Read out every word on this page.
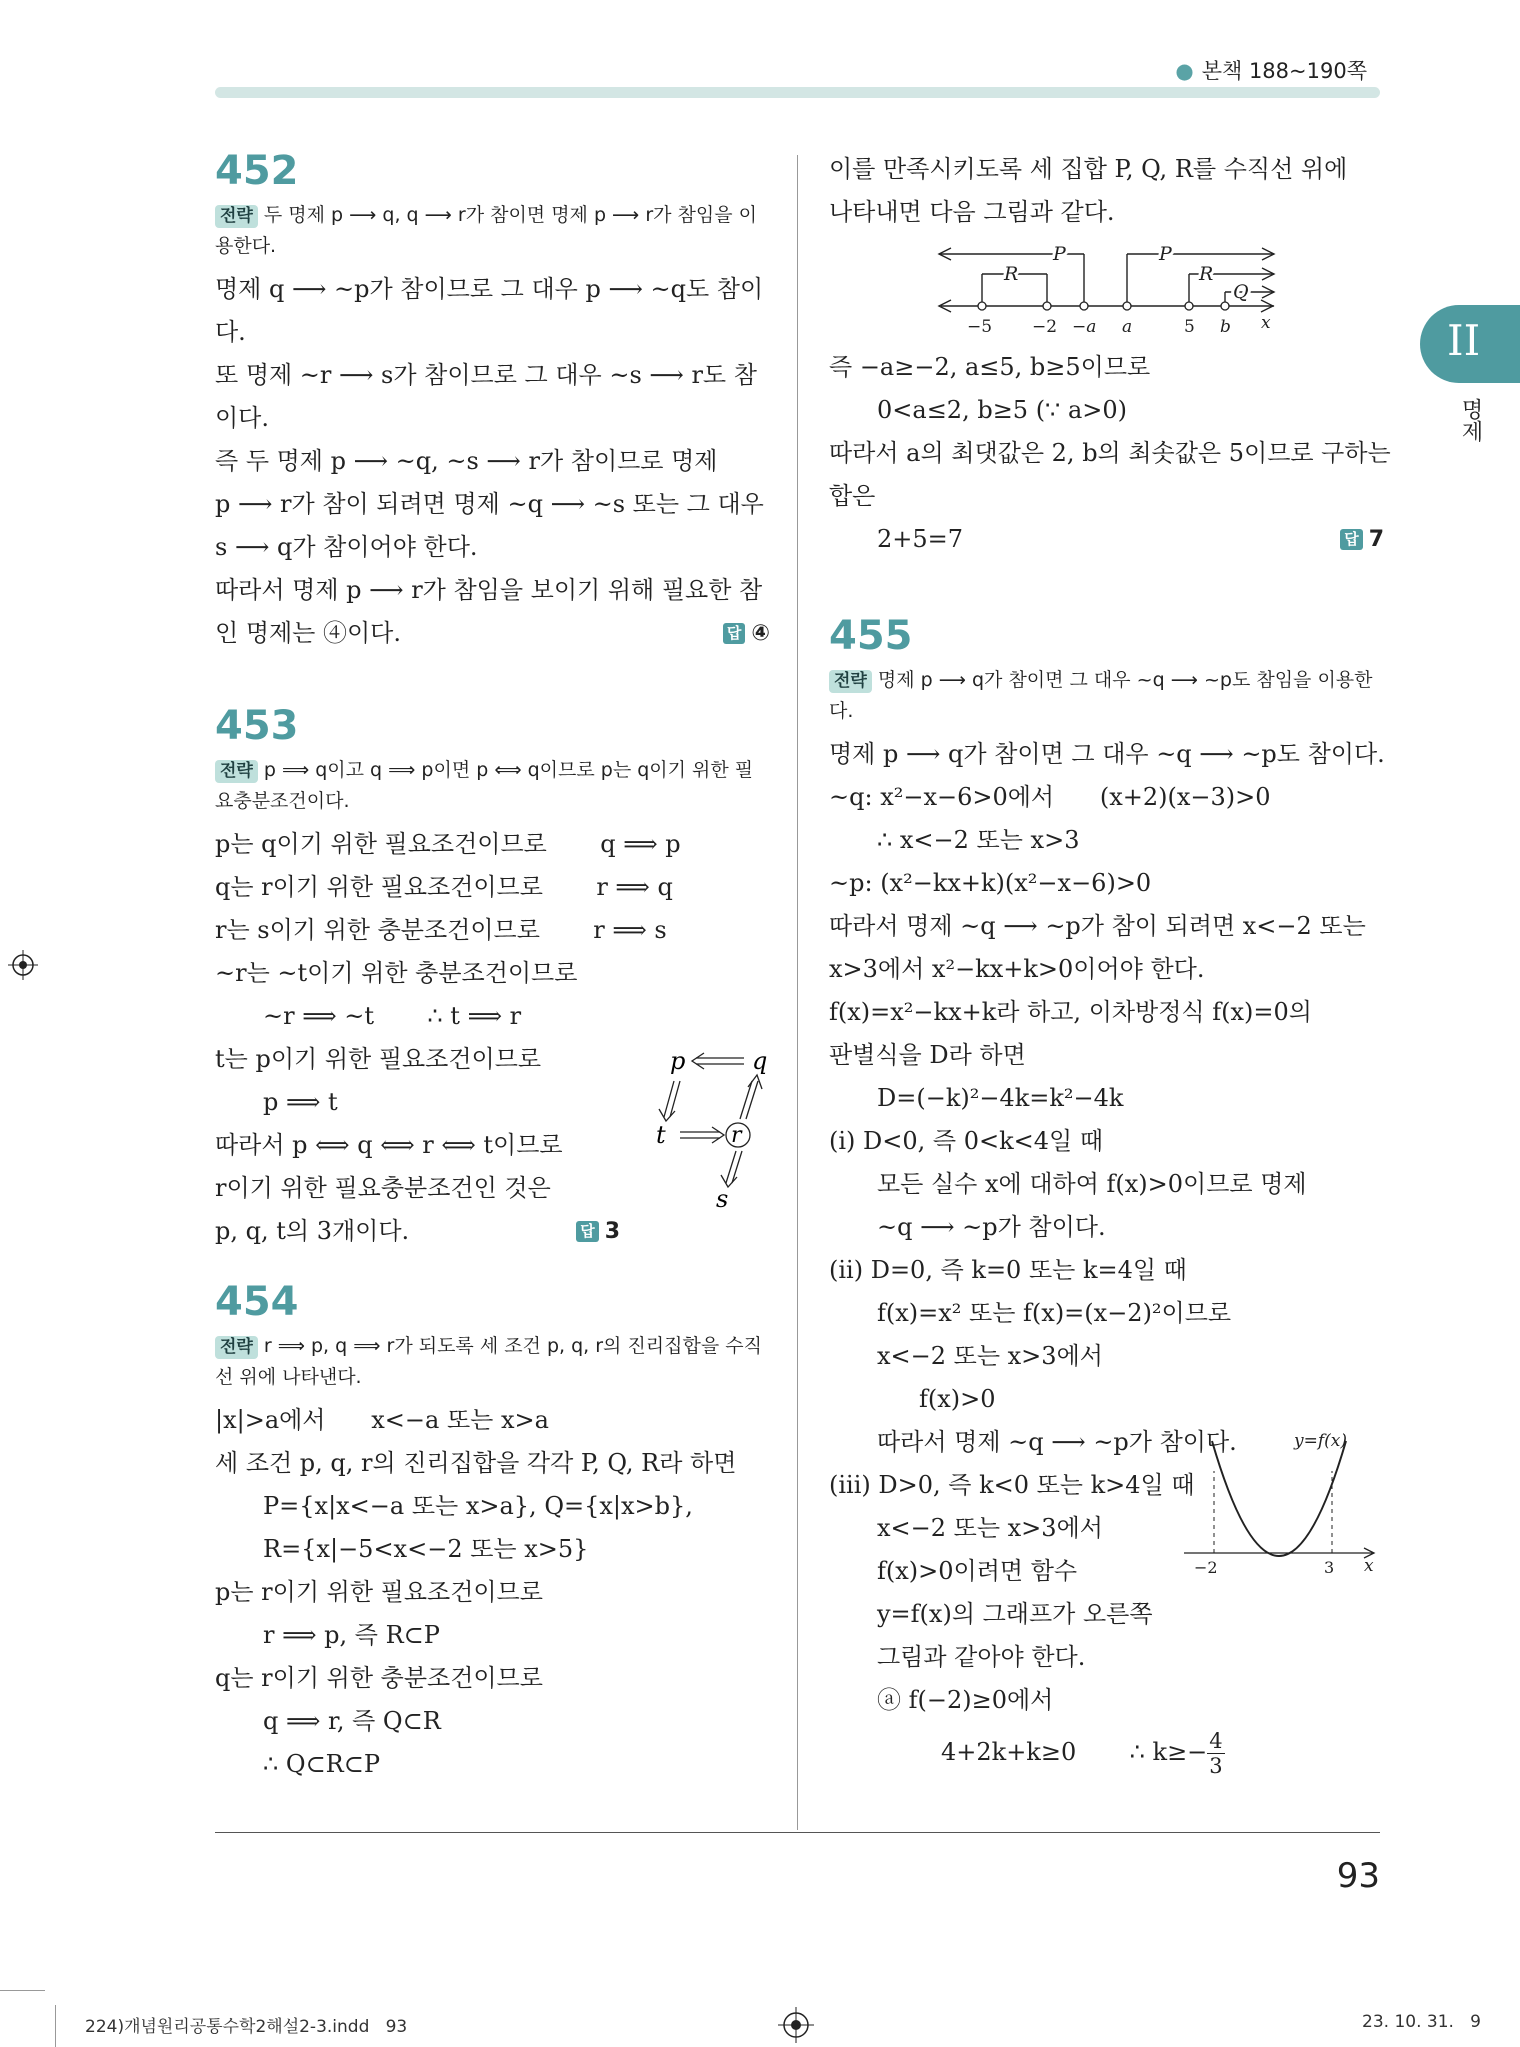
● 본책 188~190쪽
452
전략 두 명제 p ⟶ q, q ⟶ r가 참이면 명제 p ⟶ r가 참임을 이용한다.
명제 q ⟶ ~p가 참이므로 그 대우 p ⟶ ~q도 참이
다.
또 명제 ~r ⟶ s가 참이므로 그 대우 ~s ⟶ r도 참
이다.
즉 두 명제 p ⟶ ~q, ~s ⟶ r가 참이므로 명제
p ⟶ r가 참이 되려면 명제 ~q ⟶ ~s 또는 그 대우
s ⟶ q가 참이어야 한다.
따라서 명제 p ⟶ r가 참임을 보이기 위해 필요한 참
인 명제는 ④이다.	답 ④
453
전략 p ⟹ q이고 q ⟹ p이면 p ⟺ q이므로 p는 q이기 위한 필요충분조건이다.
p는 q이기 위한 필요조건이므로       q ⟹ p
q는 r이기 위한 필요조건이므로       r ⟹ q
r는 s이기 위한 충분조건이므로       r ⟹ s
~r는 ~t이기 위한 충분조건이므로
~r ⟹ ~t       ∴ t ⟹ r
t는 p이기 위한 필요조건이므로
p ⟹ t
따라서 p ⟺ q ⟺ r ⟺ t이므로
r이기 위한 필요충분조건인 것은
p, q, t의 3개이다.	답 3
p	q
t	r
s
454
전략 r ⟹ p, q ⟹ r가 되도록 세 조건 p, q, r의 진리집합을 수직선 위에 나타낸다.
|x|>a에서      x<−a 또는 x>a
세 조건 p, q, r의 진리집합을 각각 P, Q, R라 하면
P={x|x<−a 또는 x>a}, Q={x|x>b},
R={x|−5<x<−2 또는 x>5}
p는 r이기 위한 필요조건이므로
r ⟹ p, 즉 R⊂P
q는 r이기 위한 충분조건이므로
q ⟹ r, 즉 Q⊂R
∴ Q⊂R⊂P
이를 만족시키도록 세 집합 P, Q, R를 수직선 위에
나타내면 다음 그림과 같다.
P	P
R	R
Q
−5 −2 −a a	5 b x
즉 −a≥−2, a≤5, b≥5이므로
0<a≤2, b≥5 (∵ a>0)
따라서 a의 최댓값은 2, b의 최솟값은 5이므로 구하는
합은
2+5=7	답 7
455
전략 명제 p ⟶ q가 참이면 그 대우 ~q ⟶ ~p도 참임을 이용한다.
명제 p ⟶ q가 참이면 그 대우 ~q ⟶ ~p도 참이다.
~q: x²−x−6>0에서      (x+2)(x−3)>0
∴ x<−2 또는 x>3
~p: (x²−kx+k)(x²−x−6)>0
따라서 명제 ~q ⟶ ~p가 참이 되려면 x<−2 또는
x>3에서 x²−kx+k>0이어야 한다.
f(x)=x²−kx+k라 하고, 이차방정식 f(x)=0의
판별식을 D라 하면
D=(−k)²−4k=k²−4k
(i) D<0, 즉 0<k<4일 때
모든 실수 x에 대하여 f(x)>0이므로 명제
~q ⟶ ~p가 참이다.
(ii) D=0, 즉 k=0 또는 k=4일 때
f(x)=x² 또는 f(x)=(x−2)²이므로
x<−2 또는 x>3에서
f(x)>0
따라서 명제 ~q ⟶ ~p가 참이다.
(iii) D>0, 즉 k<0 또는 k>4일 때
x<−2 또는 x>3에서
f(x)>0이려면 함수
y=f(x)의 그래프가 오른쪽
그림과 같아야 한다.
ⓐ f(−2)≥0에서
4+2k+k≥0       ∴ $k\ge- \frac{4}{3}$
y=f(x)
−2	3 x
II
명제
93
224)개념원리공통수학2해설2-3.indd   93	23. 10. 31.   9
